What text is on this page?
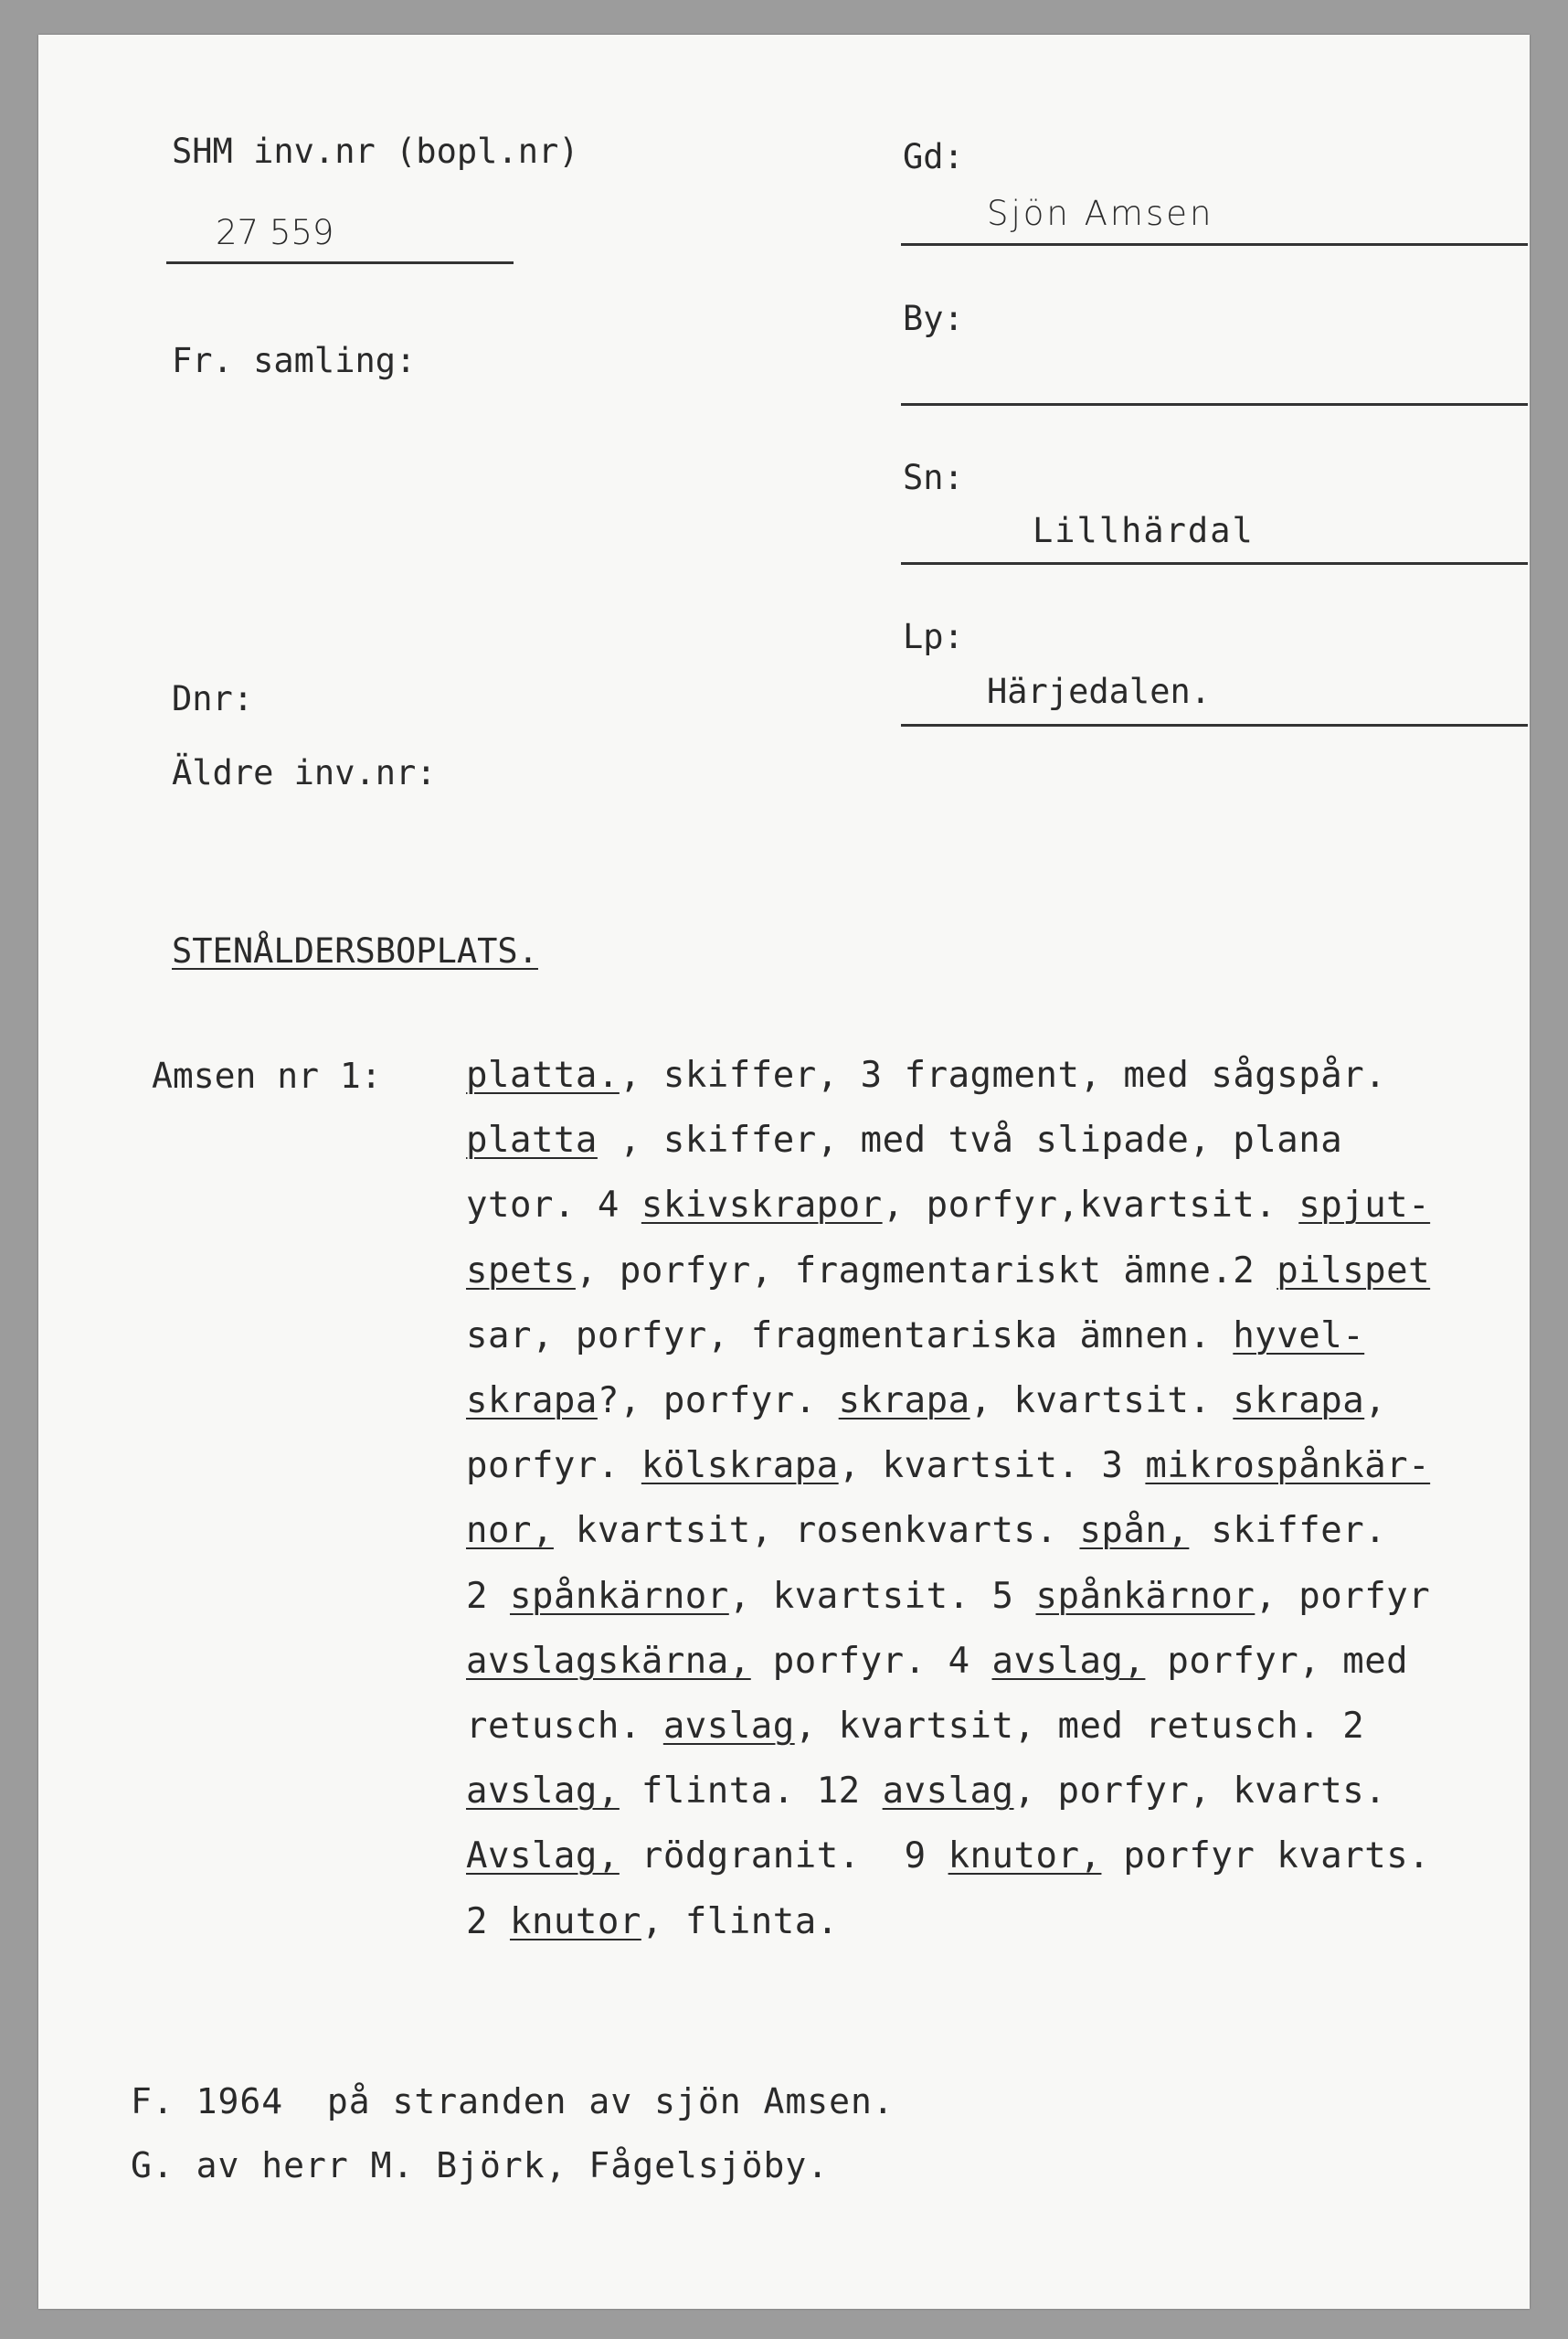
SHM inv.nr (bopl.nr)
27 559
Fr. samling:
Dnr:
Äldre inv.nr:
Gd:
Sjön Amsen
By:
Sn:
Lillhärdal
Lp:
Härjedalen.
STENÅLDERSBOPLATS.
Amsen nr 1: platta., skiffer, 3 fragment, med sågspår.
platta , skiffer, med två slipade, plana
ytor. 4 skivskrapor, porfyr,kvartsit. spjut-
spets, porfyr, fragmentariskt ämne.2 pilspet
sar, porfyr, fragmentariska ämnen. hyvel-
skrapa?, porfyr. skrapa, kvartsit. skrapa,
porfyr. kölskrapa, kvartsit. 3 mikrospånkär-
nor, kvartsit, rosenkvarts. spån, skiffer.
2 spånkärnor, kvartsit. 5 spånkärnor, porfyr
avslagskärna, porfyr. 4 avslag, porfyr, med
retusch. avslag, kvartsit, med retusch. 2
avslag, flinta. 12 avslag, porfyr, kvarts.
Avslag, rödgranit.  9 knutor, porfyr kvarts.
2 knutor, flinta.
F. 1964  på stranden av sjön Amsen.
G. av herr M. Björk, Fågelsjöby.
